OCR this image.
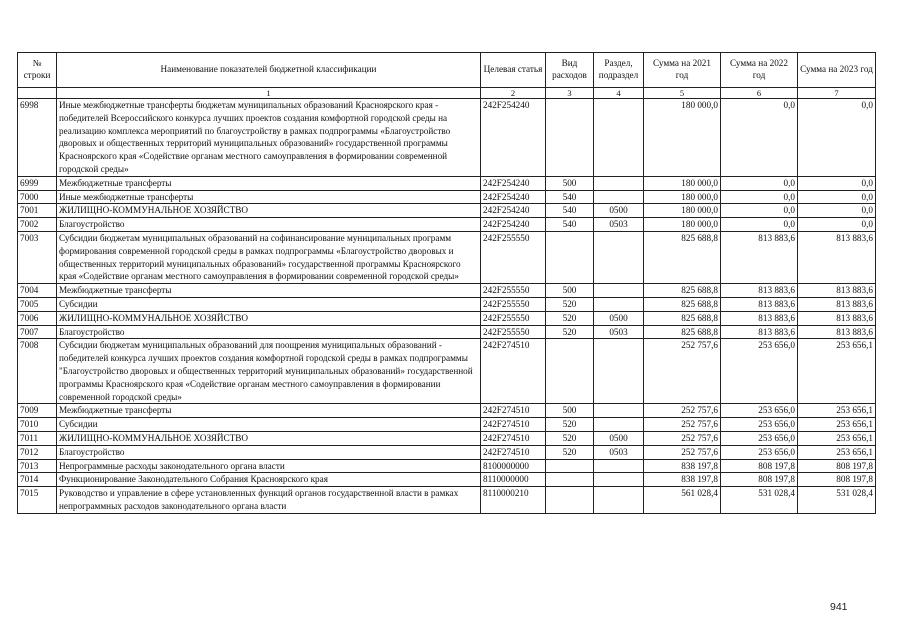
№ строки	Наименование показателей бюджетной классификации	Целевая статья	Вид расходов	Раздел, подраздел	Сумма на 2021 год	Сумма на 2022 год	Сумма на 2023 год
	1	2	3	4	5	6	7
6998	Иные межбюджетные трансферты бюджетам муниципальных образований Красноярского края - победителей Всероссийского конкурса лучших проектов создания комфортной городской среды на реализацию комплекса мероприятий по благоустройству в рамках подпрограммы «Благоустройство дворовых и общественных территорий муниципальных образований» государственной программы Красноярского края «Содействие органам местного самоуправления в формировании современной городской среды»	242F254240			180 000,0	0,0	0,0
6999	Межбюджетные трансферты	242F254240	500		180 000,0	0,0	0,0
7000	Иные межбюджетные трансферты	242F254240	540		180 000,0	0,0	0,0
7001	ЖИЛИЩНО-КОММУНАЛЬНОЕ ХОЗЯЙСТВО	242F254240	540	0500	180 000,0	0,0	0,0
7002	Благоустройство	242F254240	540	0503	180 000,0	0,0	0,0
7003	Субсидии бюджетам муниципальных образований на софинансирование муниципальных программ формирования современной городской среды в рамках подпрограммы «Благоустройство дворовых и общественных территорий муниципальных образований» государственной программы Красноярского края «Содействие органам местного самоуправления в формировании современной городской среды»	242F255550			825 688,8	813 883,6	813 883,6
7004	Межбюджетные трансферты	242F255550	500		825 688,8	813 883,6	813 883,6
7005	Субсидии	242F255550	520		825 688,8	813 883,6	813 883,6
7006	ЖИЛИЩНО-КОММУНАЛЬНОЕ ХОЗЯЙСТВО	242F255550	520	0500	825 688,8	813 883,6	813 883,6
7007	Благоустройство	242F255550	520	0503	825 688,8	813 883,6	813 883,6
7008	Субсидии бюджетам муниципальных образований для поощрения муниципальных образований - победителей конкурса лучших проектов создания комфортной городской среды в рамках подпрограммы "Благоустройство дворовых и общественных территорий муниципальных образований» государственной программы Красноярского края «Содействие органам местного самоуправления в формировании современной городской среды»	242F274510			252 757,6	253 656,0	253 656,1
7009	Межбюджетные трансферты	242F274510	500		252 757,6	253 656,0	253 656,1
7010	Субсидии	242F274510	520		252 757,6	253 656,0	253 656,1
7011	ЖИЛИЩНО-КОММУНАЛЬНОЕ ХОЗЯЙСТВО	242F274510	520	0500	252 757,6	253 656,0	253 656,1
7012	Благоустройство	242F274510	520	0503	252 757,6	253 656,0	253 656,1
7013	Непрограммные расходы законодательного органа власти	8100000000			838 197,8	808 197,8	808 197,8
7014	Функционирование Законодательного Собрания Красноярского края	8110000000			838 197,8	808 197,8	808 197,8
7015	Руководство и управление в сфере установленных функций органов государственной власти в рамках непрограммных расходов законодательного органа власти	8110000210			561 028,4	531 028,4	531 028,4
941
